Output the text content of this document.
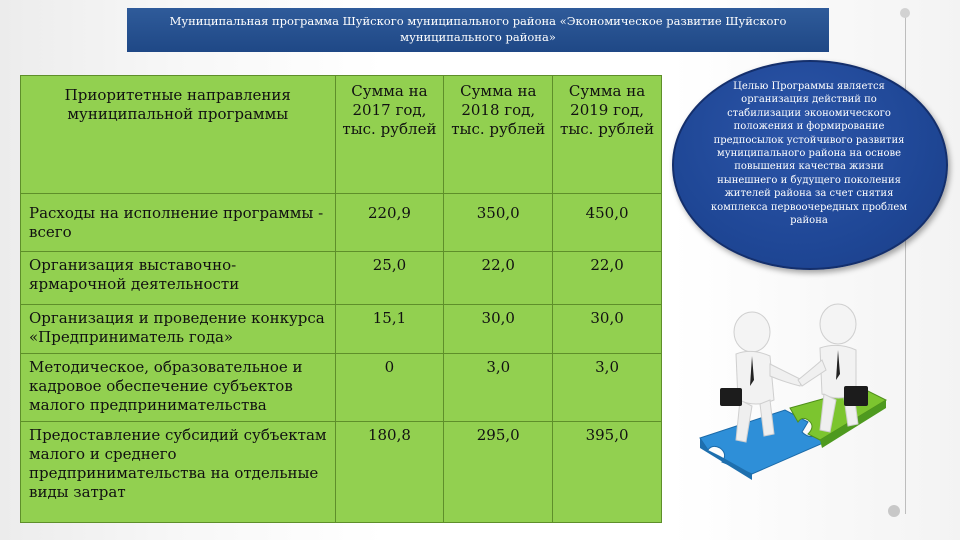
Муниципальная программа Шуйского муниципального района «Экономическое развитие Шуйского муниципального района»
Приоритетные направления муниципальной программы	Сумма на 2017 год, тыс. рублей	Сумма на 2018 год, тыс. рублей	Сумма на 2019 год, тыс. рублей
Расходы на исполнение программы - всего	220,9	350,0	450,0
Организация выставочно-ярмарочной деятельности	25,0	22,0	22,0
Организация и проведение конкурса «Предприниматель года»	15,1	30,0	30,0
Методическое, образовательное и кадровое обеспечение субъектов малого предпринимательства	0	3,0	3,0
Предоставление субсидий субъектам малого и среднего предпринимательства на отдельные виды затрат	180,8	295,0	395,0
Целью Программы является организация действий по стабилизации экономического положения и формирование предпосылок устойчивого развития муниципального района на основе повышения качества жизни нынешнего и будущего поколения жителей района за счет снятия комплекса первоочередных проблем района
